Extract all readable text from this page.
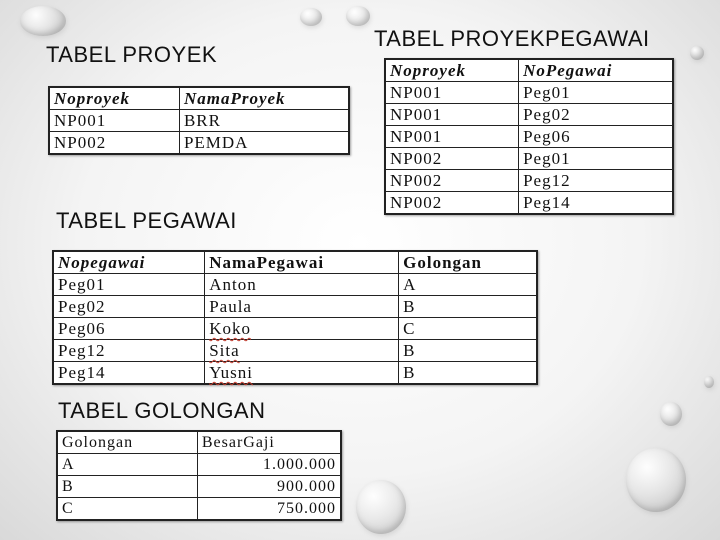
TABEL PROYEK
Noproyek	NamaProyek
NP001	BRR
NP002	PEMDA
TABEL PROYEKPEGAWAI
Noproyek	NoPegawai
NP001	Peg01
NP001	Peg02
NP001	Peg06
NP002	Peg01
NP002	Peg12
NP002	Peg14
TABEL PEGAWAI
Nopegawai	NamaPegawai	Golongan
Peg01	Anton	A
Peg02	Paula	B
Peg06	Koko	C
Peg12	Sita	B
Peg14	Yusni	B
TABEL GOLONGAN
Golongan	BesarGaji
A	1.000.000
B	900.000
C	750.000
